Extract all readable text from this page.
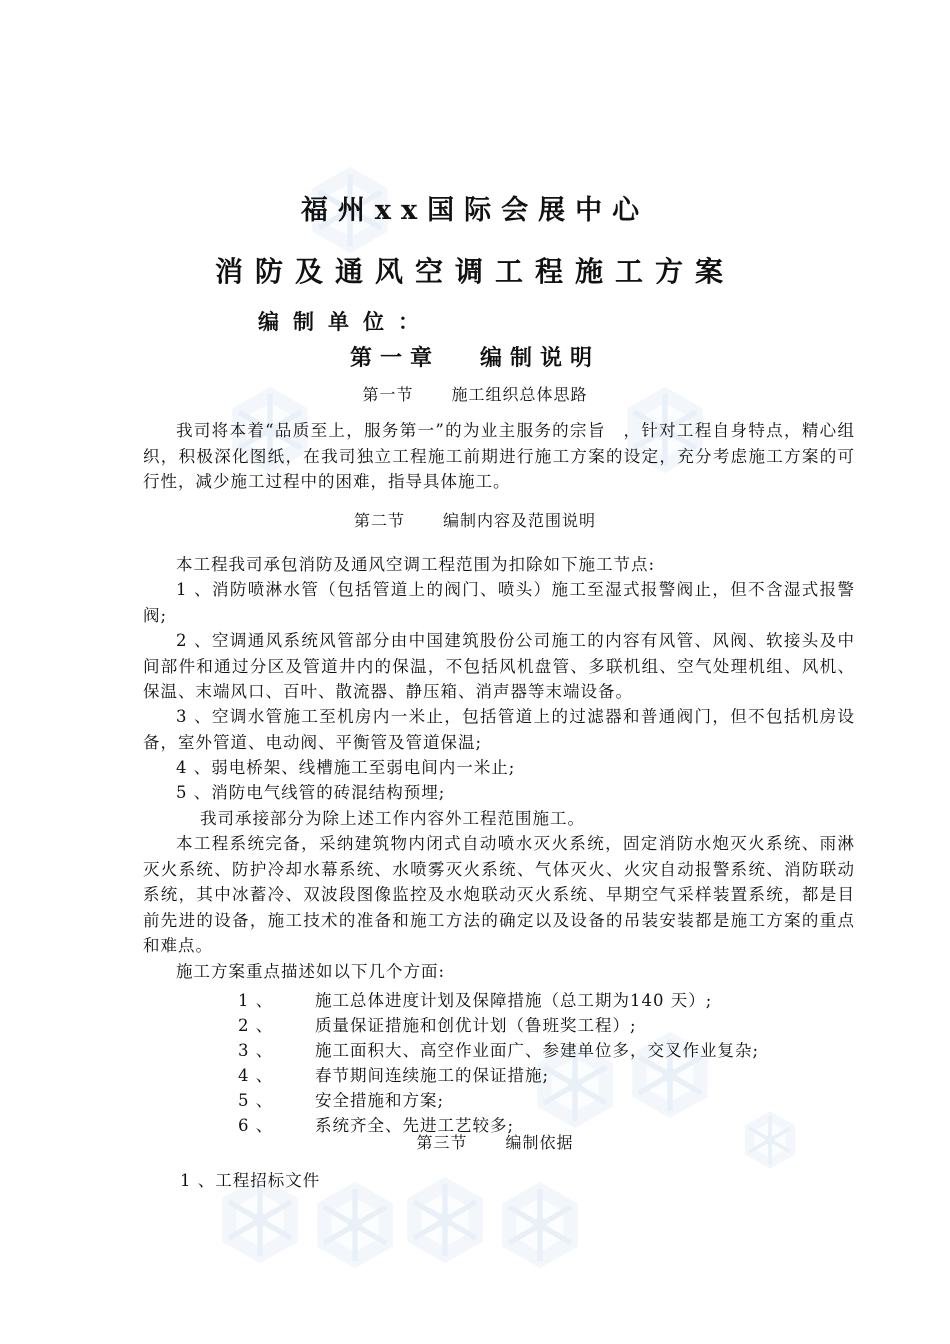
福州xx国际会展中心
消防及通风空调工程施工方案
编制单位：
第一章 编制说明
第一节 施工组织总体思路

我司将本着“品质至上，服务第一”的为业主服务的宗旨　，针对工程自身特点，精心组织，积极深化图纸，在我司独立工程施工前期进行施工方案的设定，充分考虑施工方案的可行性，减少施工过程中的困难，指导具体施工。

第二节 编制内容及范围说明

本工程我司承包消防及通风空调工程范围为扣除如下施工节点:

1 、消防喷淋水管（包括管道上的阀门、喷头）施工至湿式报警阀止，但不含湿式报警阀;

2 、空调通风系统风管部分由中国建筑股份公司施工的内容有风管、风阀、软接头及中间部件和通过分区及管道井内的保温，不包括风机盘管、多联机组、空气处理机组、风机、保温、末端风口、百叶、散流器、静压箱、消声器等末端设备。

3 、空调水管施工至机房内一米止，包括管道上的过滤器和普通阀门，但不包括机房设备，室外管道、电动阀、平衡管及管道保温;

4 、弱电桥架、线槽施工至弱电间内一米止;

5 、消防电气线管的砖混结构预埋;

我司承接部分为除上述工作内容外工程范围施工。

本工程系统完备，采纳建筑物内闭式自动喷水灭火系统，固定消防水炮灭火系统、雨淋灭火系统、防护冷却水幕系统、水喷雾灭火系统、气体灭火、火灾自动报警系统、消防联动系统，其中冰蓄冷、双波段图像监控及水炮联动灭火系统、早期空气采样装置系统，都是目前先进的设备，施工技术的准备和施工方法的确定以及设备的吊装安装都是施工方案的重点和难点。

施工方案重点描述如以下几个方面:

1 、	施工总体进度计划及保障措施（总工期为140 天）;
2 、	质量保证措施和创优计划（鲁班奖工程）;
3 、	施工面积大、高空作业面广、参建单位多，交叉作业复杂;
4 、	春节期间连续施工的保证措施;
5 、	安全措施和方案;
6 、	系统齐全、先进工艺较多;
第三节 编制依据
1 、工程招标文件
